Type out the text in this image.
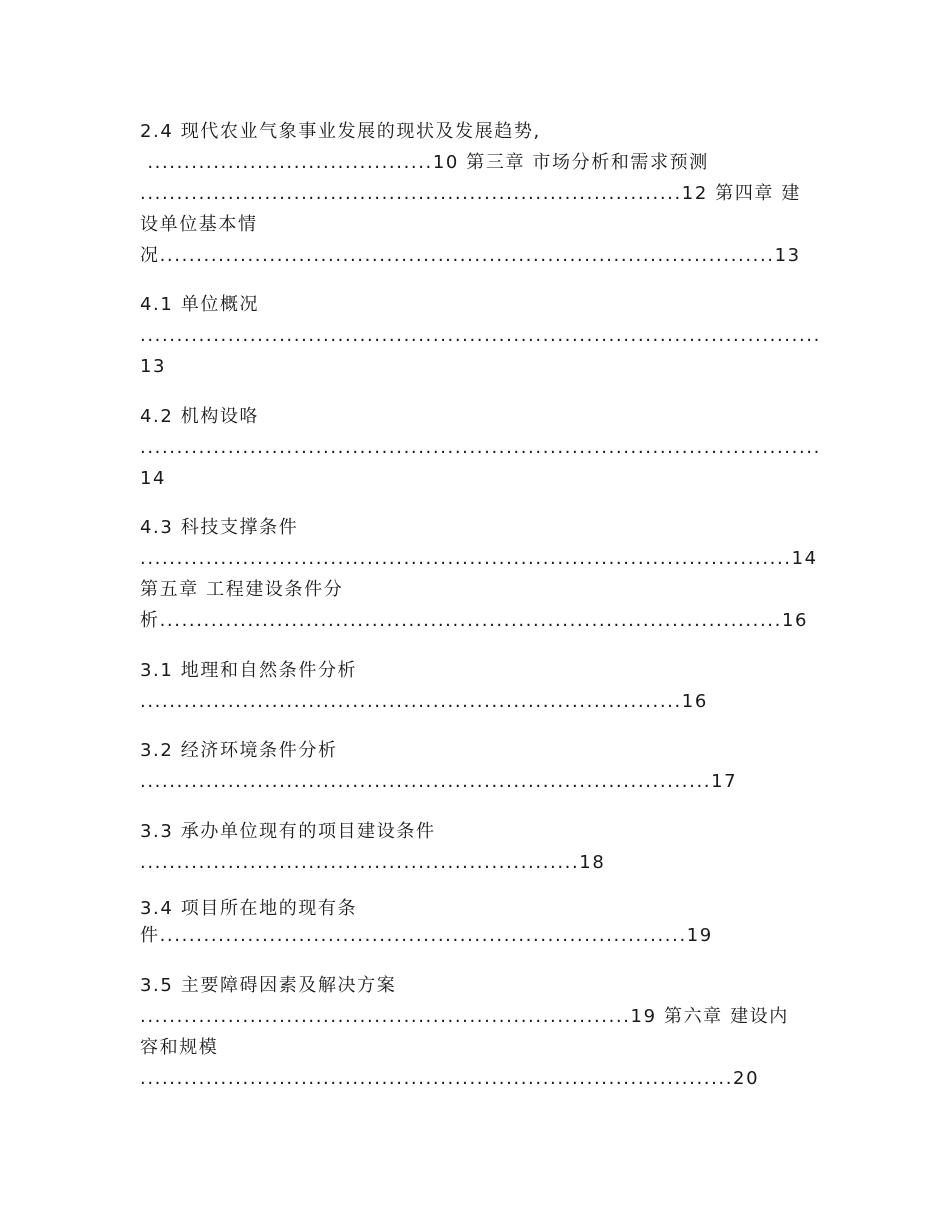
2.4 现代农业气象事业发展的现状及发展趋势,
.......................................10 第三章 市场分析和需求预测
..........................................................................12 第四章 建
设单位基本情
况....................................................................................13
4.1 单位概况
.............................................................................................
13
4.2 机构设咯
.............................................................................................
14
4.3 科技支撑条件
.........................................................................................14
第五章 工程建设条件分
析.....................................................................................16
3.1 地理和自然条件分析
..........................................................................16
3.2 经济环境条件分析
..............................................................................17
3.3 承办单位现有的项目建设条件
............................................................18
3.4 项目所在地的现有条
件........................................................................19
3.5 主要障碍因素及解决方案
...................................................................19 第六章 建设内
容和规模
.................................................................................20
